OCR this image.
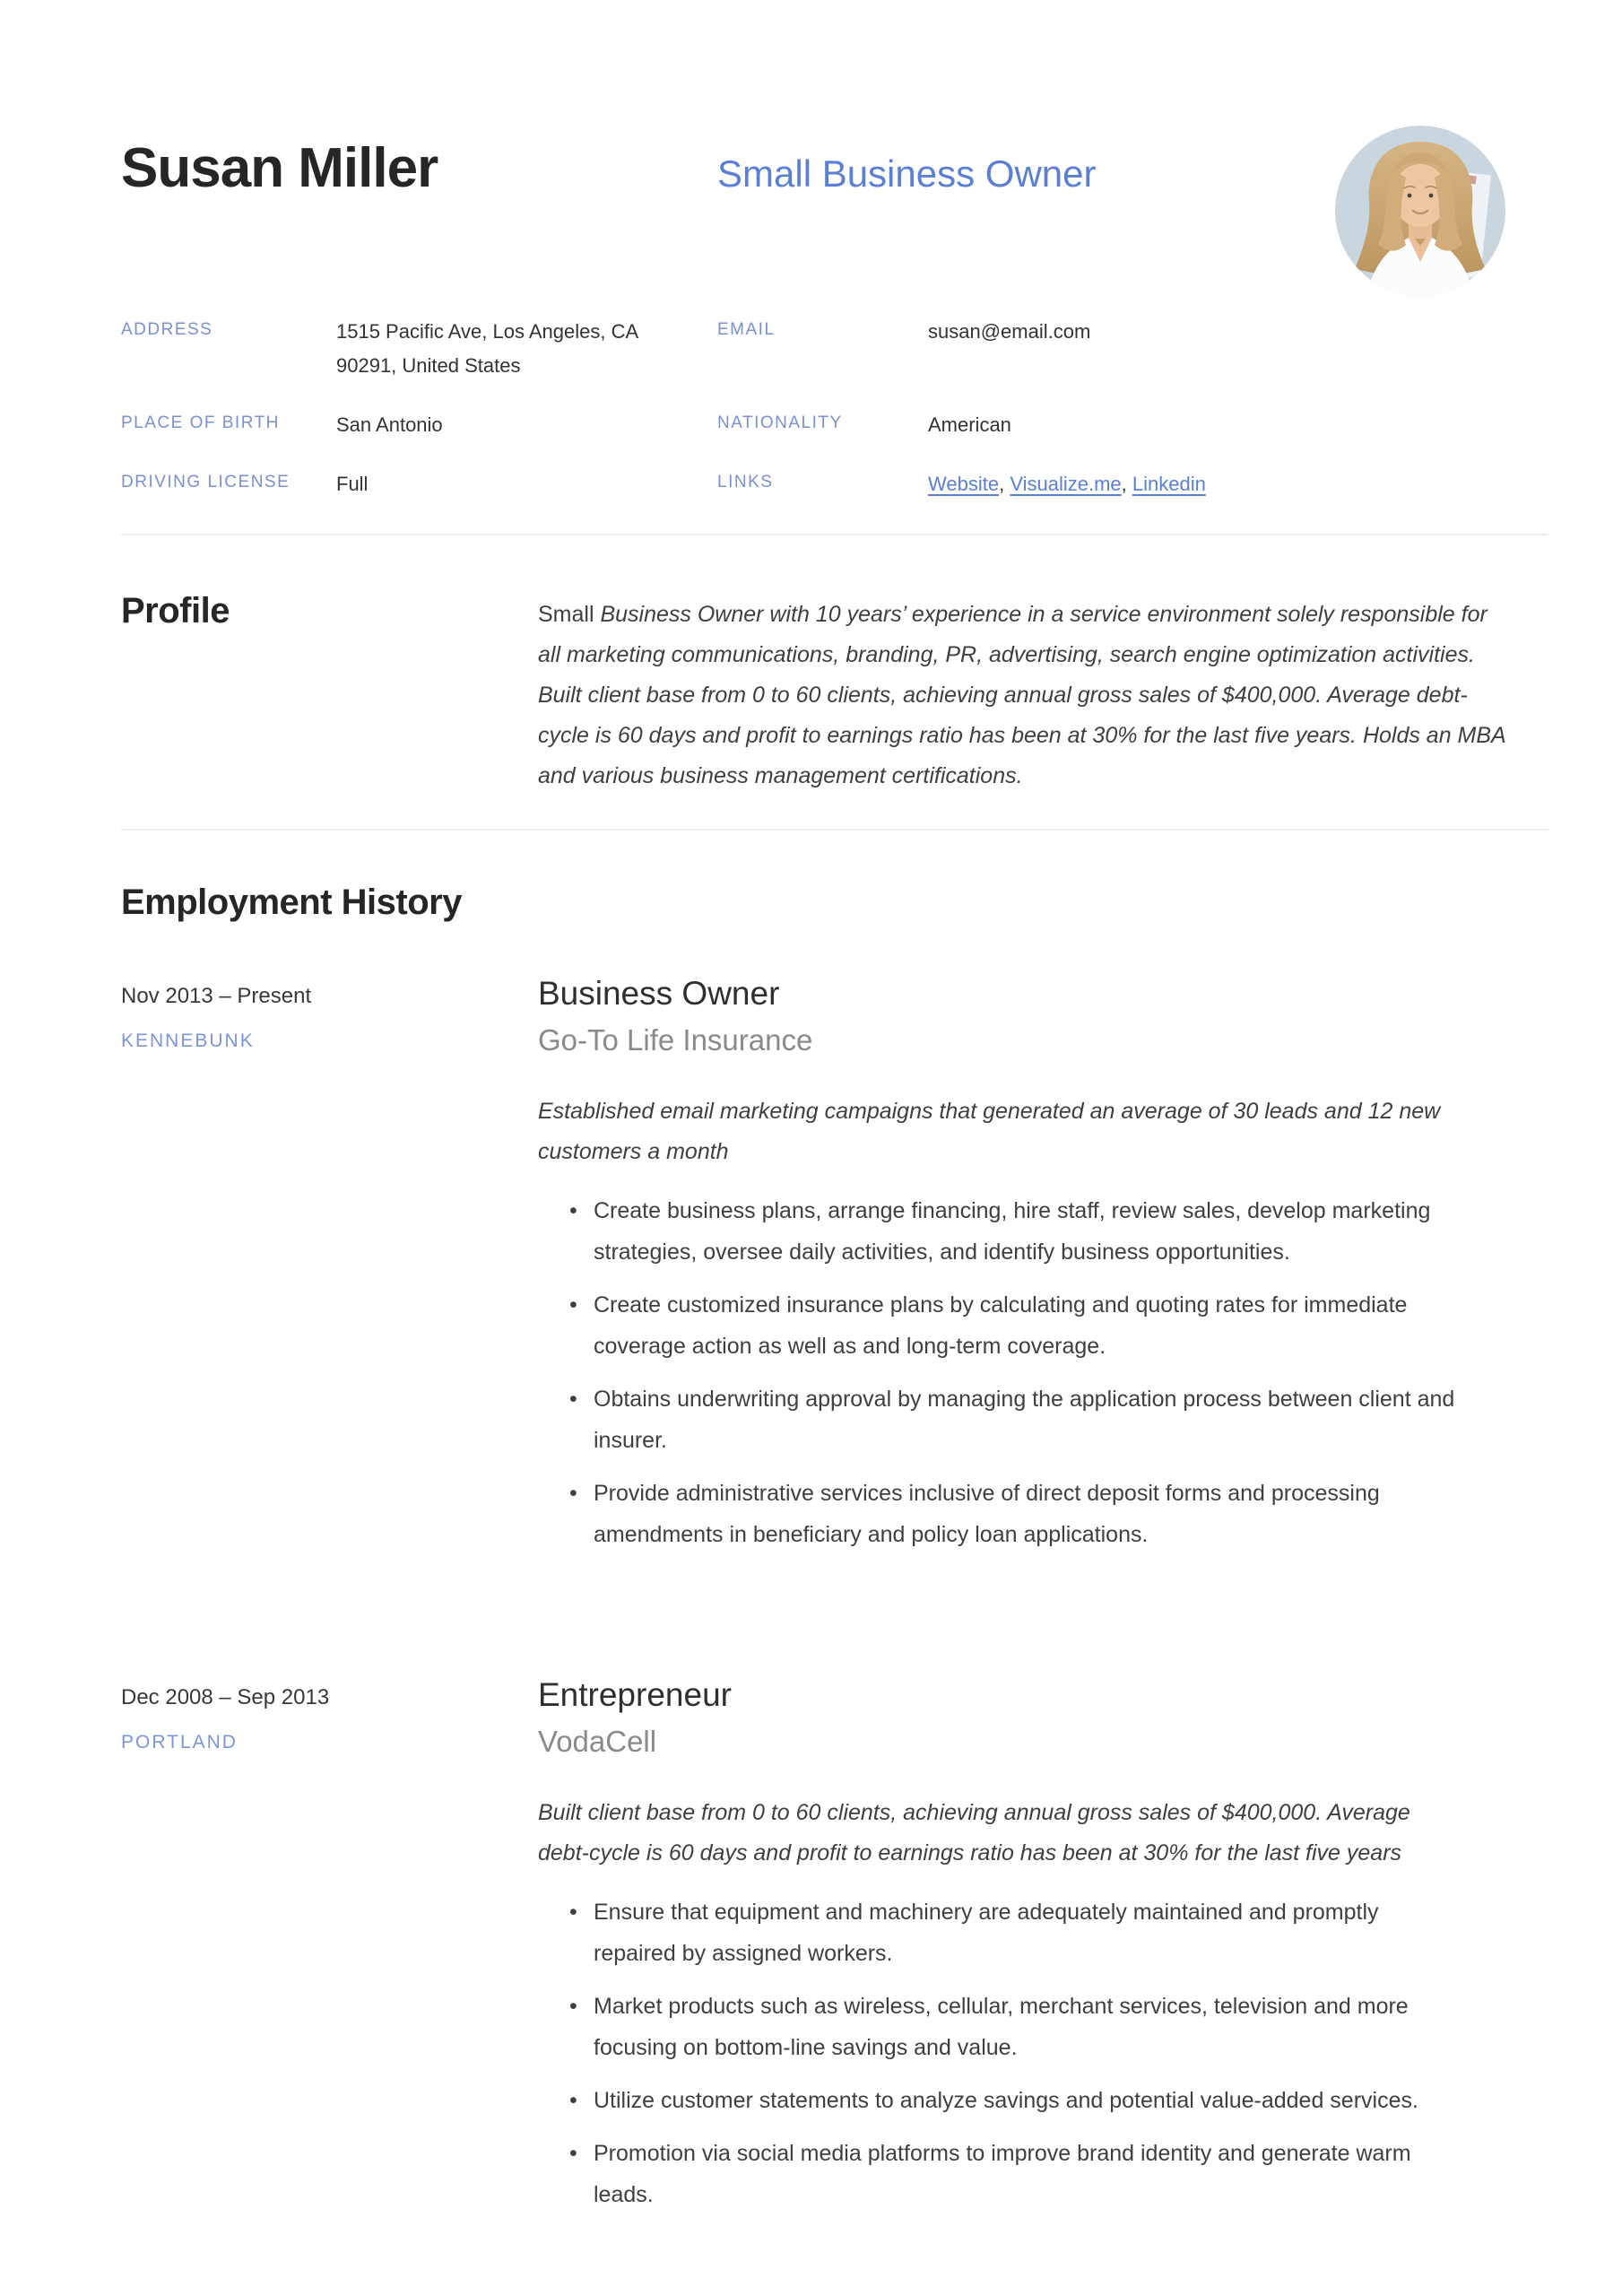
Susan Miller	Small Business Owner
ADDRESS	1515 Pacific Ave, Los Angeles, CA 90291, United States
EMAIL	susan@email.com
PLACE OF BIRTH	San Antonio	NATIONALITY	American
DRIVING LICENSE	Full	LINKS	Website, Visualize.me, Linkedin
Profile	Small Business Owner with 10 years’ experience in a service environment solely responsible for all marketing communications, branding, PR, advertising, search engine optimization activities. Built client base from 0 to 60 clients, achieving annual gross sales of $400,000. Average debt-cycle is 60 days and profit to earnings ratio has been at 30% for the last five years. Holds an MBA and various business management certifications.
Employment History
Nov 2013 – Present
KENNEBUNK
Business Owner
Go-To Life Insurance
Established email marketing campaigns that generated an average of 30 leads and 12 new customers a month
• Create business plans, arrange financing, hire staff, review sales, develop marketing strategies, oversee daily activities, and identify business opportunities.
• Create customized insurance plans by calculating and quoting rates for immediate coverage action as well as and long-term coverage.
• Obtains underwriting approval by managing the application process between client and insurer.
• Provide administrative services inclusive of direct deposit forms and processing amendments in beneficiary and policy loan applications.
Dec 2008 – Sep 2013
PORTLAND
Entrepreneur
VodaCell
Built client base from 0 to 60 clients, achieving annual gross sales of $400,000. Average debt-cycle is 60 days and profit to earnings ratio has been at 30% for the last five years
• Ensure that equipment and machinery are adequately maintained and promptly repaired by assigned workers.
• Market products such as wireless, cellular, merchant services, television and more focusing on bottom-line savings and value.
• Utilize customer statements to analyze savings and potential value-added services.
• Promotion via social media platforms to improve brand identity and generate warm leads.
